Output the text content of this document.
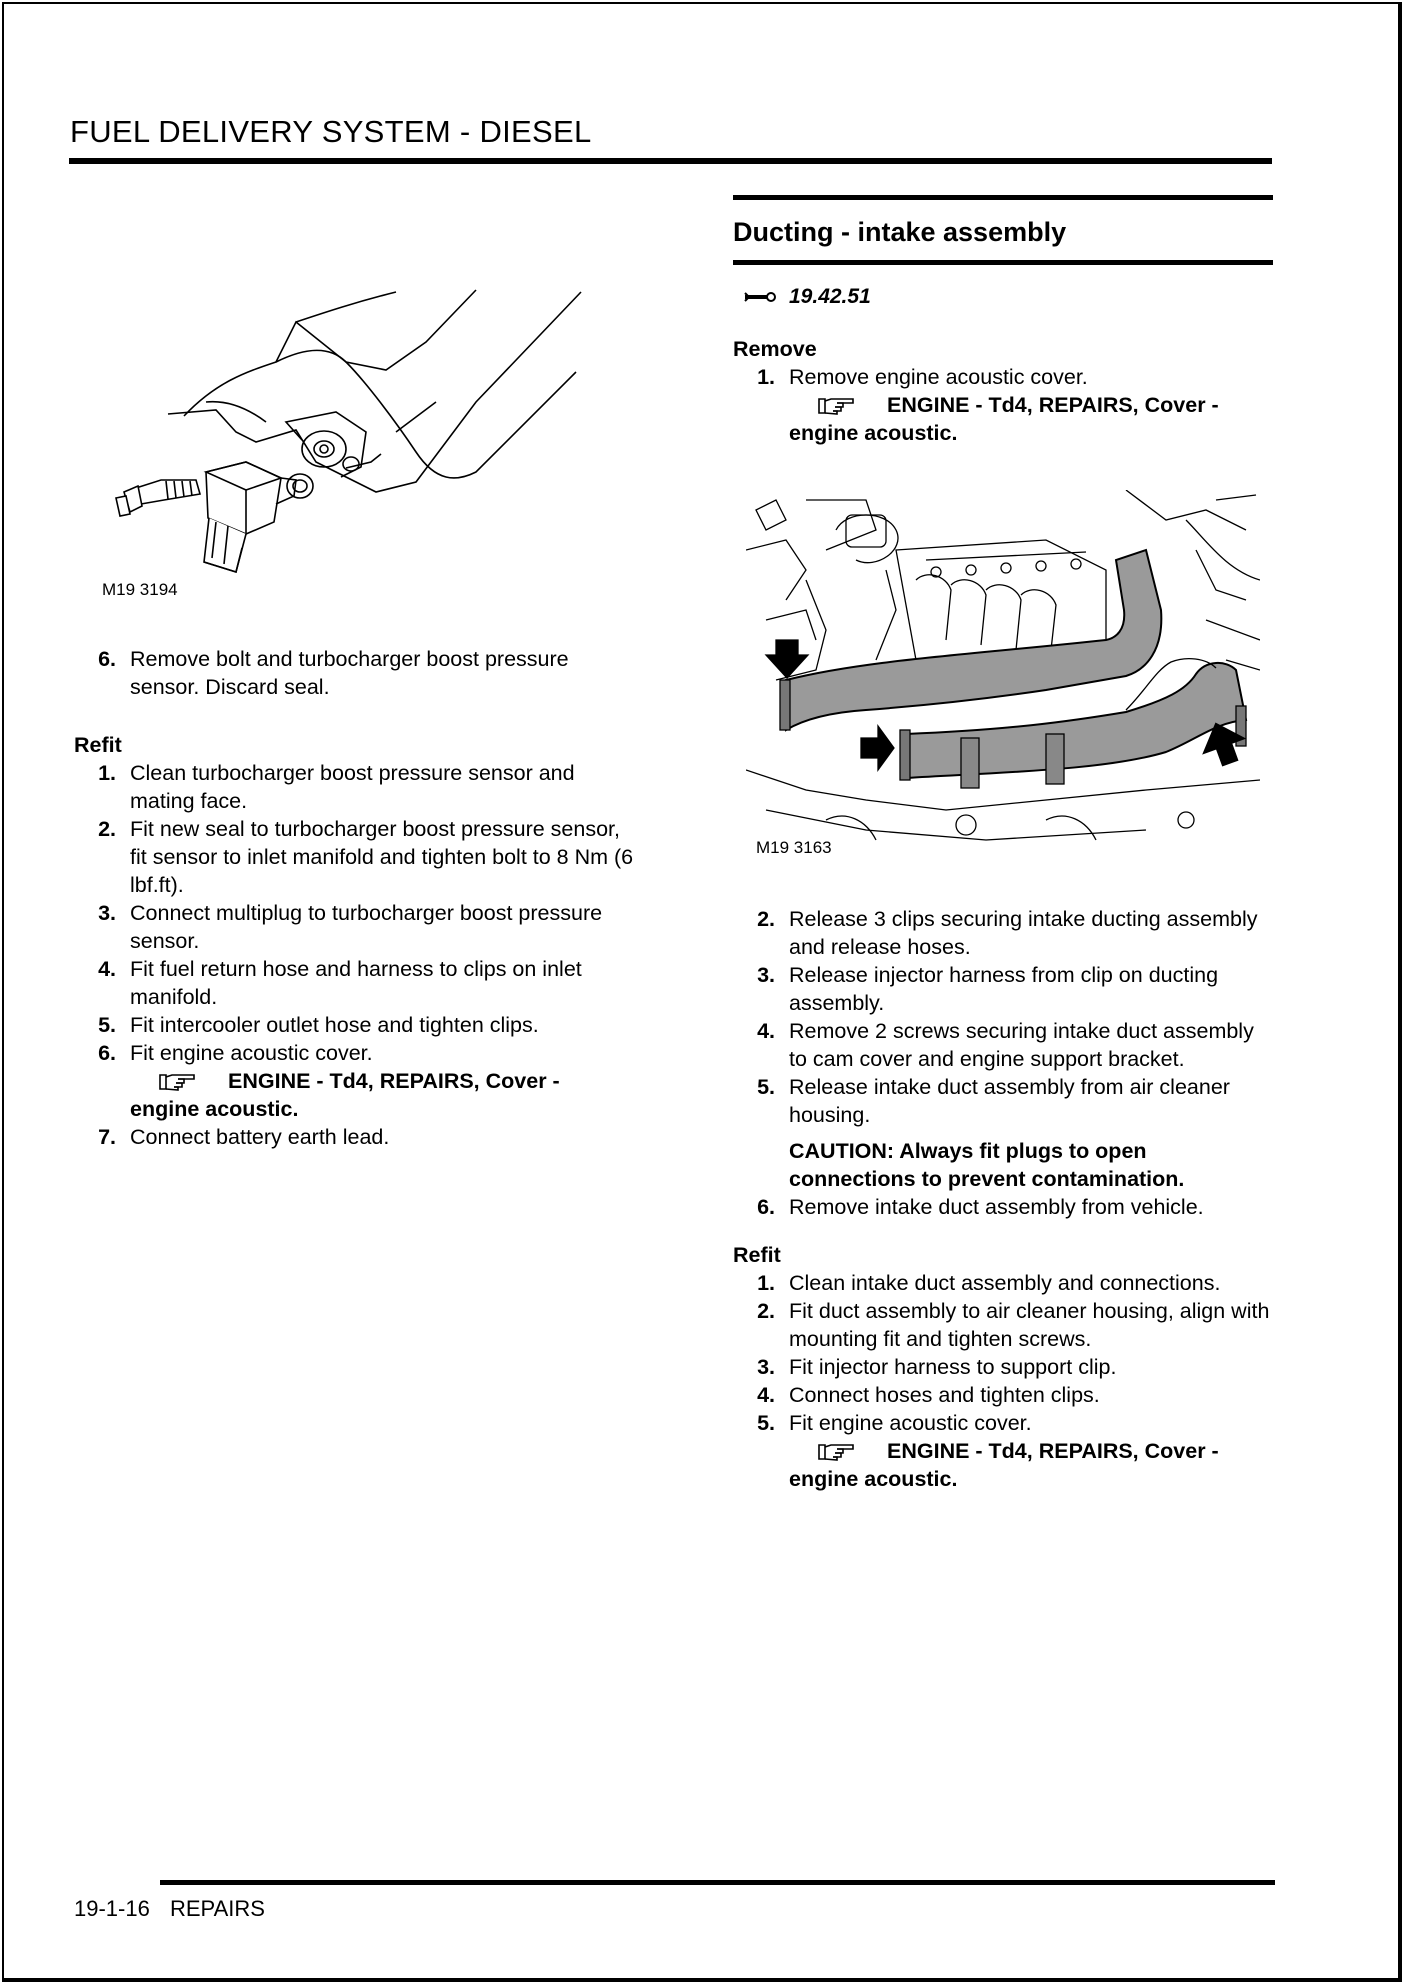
FUEL DELIVERY SYSTEM - DIESEL
M19 3194
6. Remove bolt and turbocharger boost pressure sensor. Discard seal.
Refit
1. Clean turbocharger boost pressure sensor and mating face.
2. Fit new seal to turbocharger boost pressure sensor, fit sensor to inlet manifold and tighten bolt to 8 Nm (6 lbf.ft).
3. Connect multiplug to turbocharger boost pressure sensor.
4. Fit fuel return hose and harness to clips on inlet manifold.
5. Fit intercooler outlet hose and tighten clips.
6. Fit engine acoustic cover.
ENGINE - Td4, REPAIRS, Cover -
engine acoustic.
7. Connect battery earth lead.
Ducting - intake assembly
19.42.51
Remove
1. Remove engine acoustic cover.
ENGINE - Td4, REPAIRS, Cover -
engine acoustic.
2. Release 3 clips securing intake ducting assembly and release hoses.
3. Release injector harness from clip on ducting assembly.
4. Remove 2 screws securing intake duct assembly to cam cover and engine support bracket.
5. Release intake duct assembly from air cleaner housing.
CAUTION: Always fit plugs to open connections to prevent contamination.
6. Remove intake duct assembly from vehicle.
Refit
1. Clean intake duct assembly and connections.
2. Fit duct assembly to air cleaner housing, align with mounting fit and tighten screws.
3. Fit injector harness to support clip.
4. Connect hoses and tighten clips.
5. Fit engine acoustic cover.
ENGINE - Td4, REPAIRS, Cover -
engine acoustic.
M19 3163
19-1-16 REPAIRS
